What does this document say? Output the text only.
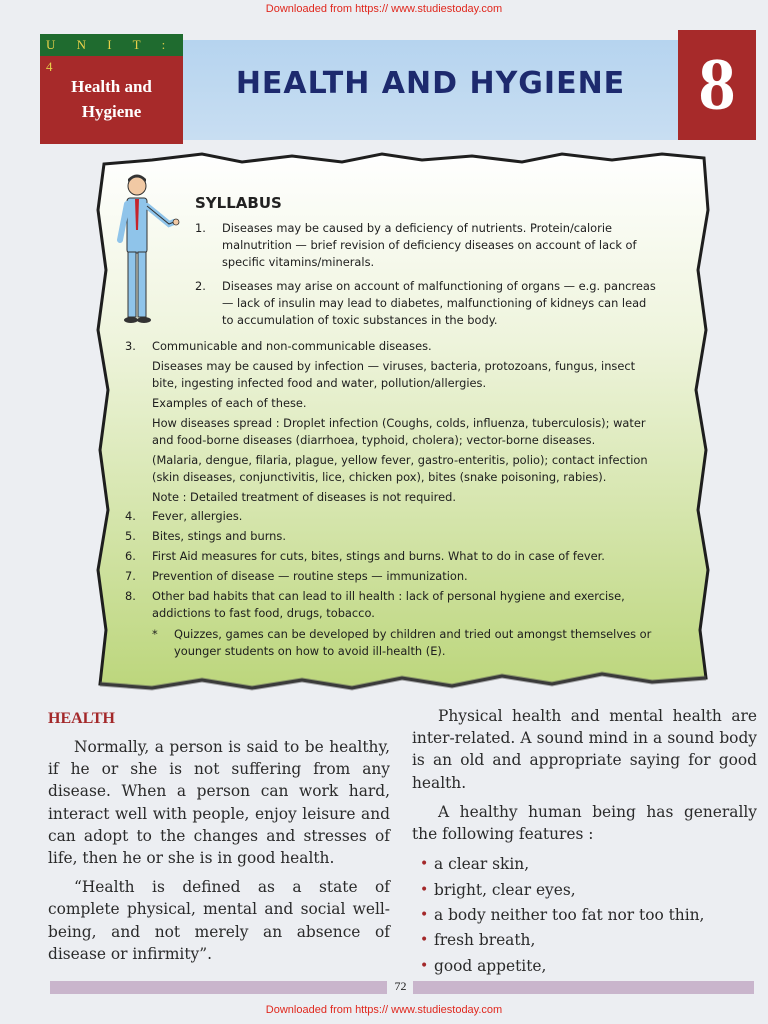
Downloaded from https:// www.studiestoday.com
U N I T : 4
Health and
Hygiene
HEALTH AND HYGIENE 8
SYLLABUS
1. Diseases may be caused by a deficiency of nutrients. Protein/calorie
malnutrition — brief revision of deficiency diseases on account of lack of
specific vitamins/minerals.
2. Diseases may arise on account of malfunctioning of organs — e.g. pancreas
— lack of insulin may lead to diabetes, malfunctioning of kidneys can lead
to accumulation of toxic substances in the body.
3. Communicable and non-communicable diseases.
Diseases may be caused by infection — viruses, bacteria, protozoans, fungus, insect
bite, ingesting infected food and water, pollution/allergies.
Examples of each of these.
How diseases spread : Droplet infection (Coughs, colds, influenza, tuberculosis); water
and food-borne diseases (diarrhoea, typhoid, cholera); vector-borne diseases.
(Malaria, dengue, filaria, plague, yellow fever, gastro-enteritis, polio); contact infection
(skin diseases, conjunctivitis, lice, chicken pox), bites (snake poisoning, rabies).
Note : Detailed treatment of diseases is not required.
4. Fever, allergies.
5. Bites, stings and burns.
6. First Aid measures for cuts, bites, stings and burns. What to do in case of fever.
7. Prevention of disease — routine steps — immunization.
8. Other bad habits that can lead to ill health : lack of personal hygiene and exercise,
addictions to fast food, drugs, tobacco.
* Quizzes, games can be developed by children and tried out amongst themselves or
younger students on how to avoid ill-health (E).
HEALTH

Normally, a person is said to be healthy, if he or she is not suffering from any disease. When a person can work hard, interact well with people, enjoy leisure and can adopt to the changes and stresses of life, then he or she is in good health.

“Health is defined as a state of complete physical, mental and social well-being, and not merely an absence of disease or infirmity”.

Physical health and mental health are inter-related. A sound mind in a sound body is an old and appropriate saying for good health.

A healthy human being has generally the following features :

• a clear skin,
• bright, clear eyes,
• a body neither too fat nor too thin,
• fresh breath,
• good appetite,
72
Downloaded from https:// www.studiestoday.com
